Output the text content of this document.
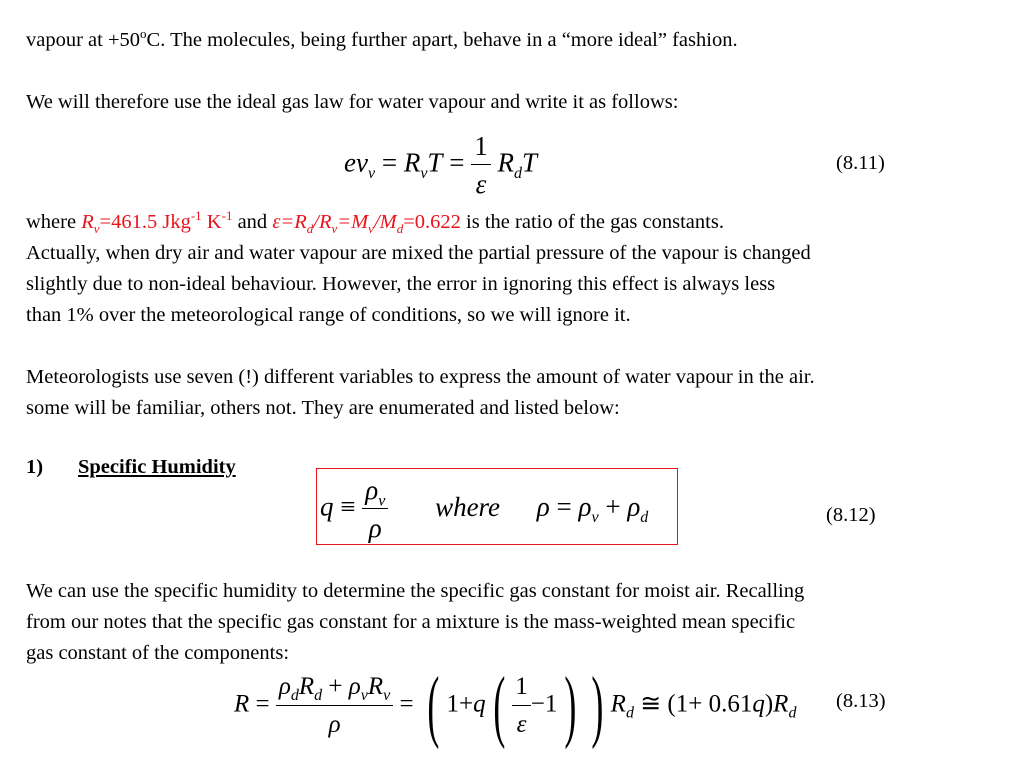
vapour at $+50^oC$. The molecules, being further apart, behave in a “more ideal” fashion.
We will therefore use the ideal gas law for water vapour and write it as follows:
$ev_v = R_vT = \frac{1}{\varepsilon} R_dT$	(8.11)
where $R_v=461.5$ Jkg$^{-1}$ $K^{-1}$ and $\varepsilon=R_d/R_v=M_v/M_d=0.622$ is the ratio of the gas constants.
Actually, when dry air and water vapour are mixed the partial pressure of the vapour is changed
slightly due to non-ideal behaviour. However, the error in ignoring this effect is always less
than 1% over the meteorological range of conditions, so we will ignore it.
Meteorologists use seven (!) different variables to express the amount of water vapour in the air.
some will be familiar, others not. They are enumerated and listed below:
1) Specific Humidity
$q \equiv \frac{\rho_v}{\rho}$ where $\rho = \rho_v + \rho_d$	(8.12)
We can use the specific humidity to determine the specific gas constant for moist air. Recalling
from our notes that the specific gas constant for a mixture is the mass-weighted mean specific
gas constant of the components:
$R = \frac{\rho_dR_d + \rho_vR_v}{\rho}$ = ( $1+q( \frac{1}{\varepsilon} -1)$ ) $R_d$ ≅ $(1+ 0.61q)R_d$
(8.13)
